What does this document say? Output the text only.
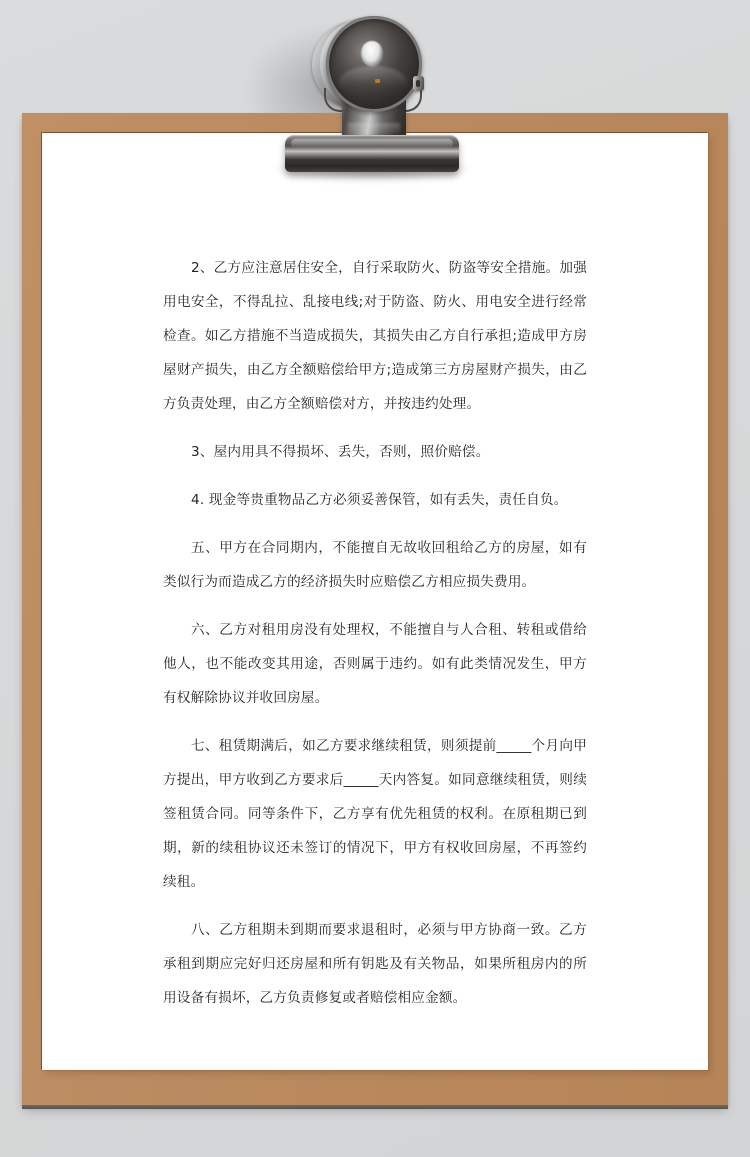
2、乙方应注意居住安全，自行采取防火、防盗等安全措施。加强用电安全，不得乱拉、乱接电线;对于防盗、防火、用电安全进行经常检查。如乙方措施不当造成损失，其损失由乙方自行承担;造成甲方房屋财产损失，由乙方全额赔偿给甲方;造成第三方房屋财产损失，由乙方负责处理，由乙方全额赔偿对方，并按违约处理。

3、屋内用具不得损坏、丢失，否则，照价赔偿。

4. 现金等贵重物品乙方必须妥善保管，如有丢失，责任自负。

五、甲方在合同期内，不能擅自无故收回租给乙方的房屋，如有类似行为而造成乙方的经济损失时应赔偿乙方相应损失费用。

六、乙方对租用房没有处理权，不能擅自与人合租、转租或借给他人，也不能改变其用途，否则属于违约。如有此类情况发生，甲方有权解除协议并收回房屋。

七、租赁期满后，如乙方要求继续租赁，则须提前_____个月向甲方提出，甲方收到乙方要求后_____天内答复。如同意继续租赁，则续签租赁合同。同等条件下，乙方享有优先租赁的权利。在原租期已到期，新的续租协议还未签订的情况下，甲方有权收回房屋，不再签约续租。

八、乙方租期未到期而要求退租时，必须与甲方协商一致。乙方承租到期应完好归还房屋和所有钥匙及有关物品，如果所租房内的所用设备有损坏，乙方负责修复或者赔偿相应金额。
